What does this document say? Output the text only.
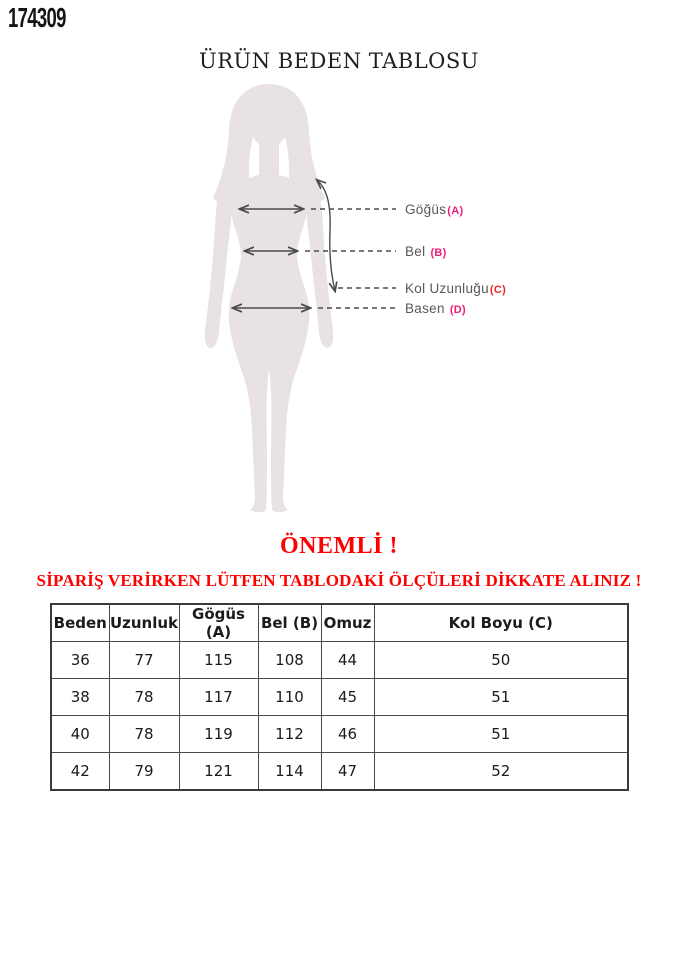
174309
ÜRÜN BEDEN TABLOSU
Göğüs(A)
Bel (B)
Kol Uzunluğu(C)
Basen (D)
ÖNEMLİ !
SİPARİŞ VERİRKEN LÜTFEN TABLODAKİ ÖLÇÜLERİ DİKKATE ALINIZ !
Beden	Uzunluk	Gögüs (A)	Bel (B)	Omuz	Kol Boyu (C)
36	77	115	108	44	50
38	78	117	110	45	51
40	78	119	112	46	51
42	79	121	114	47	52
